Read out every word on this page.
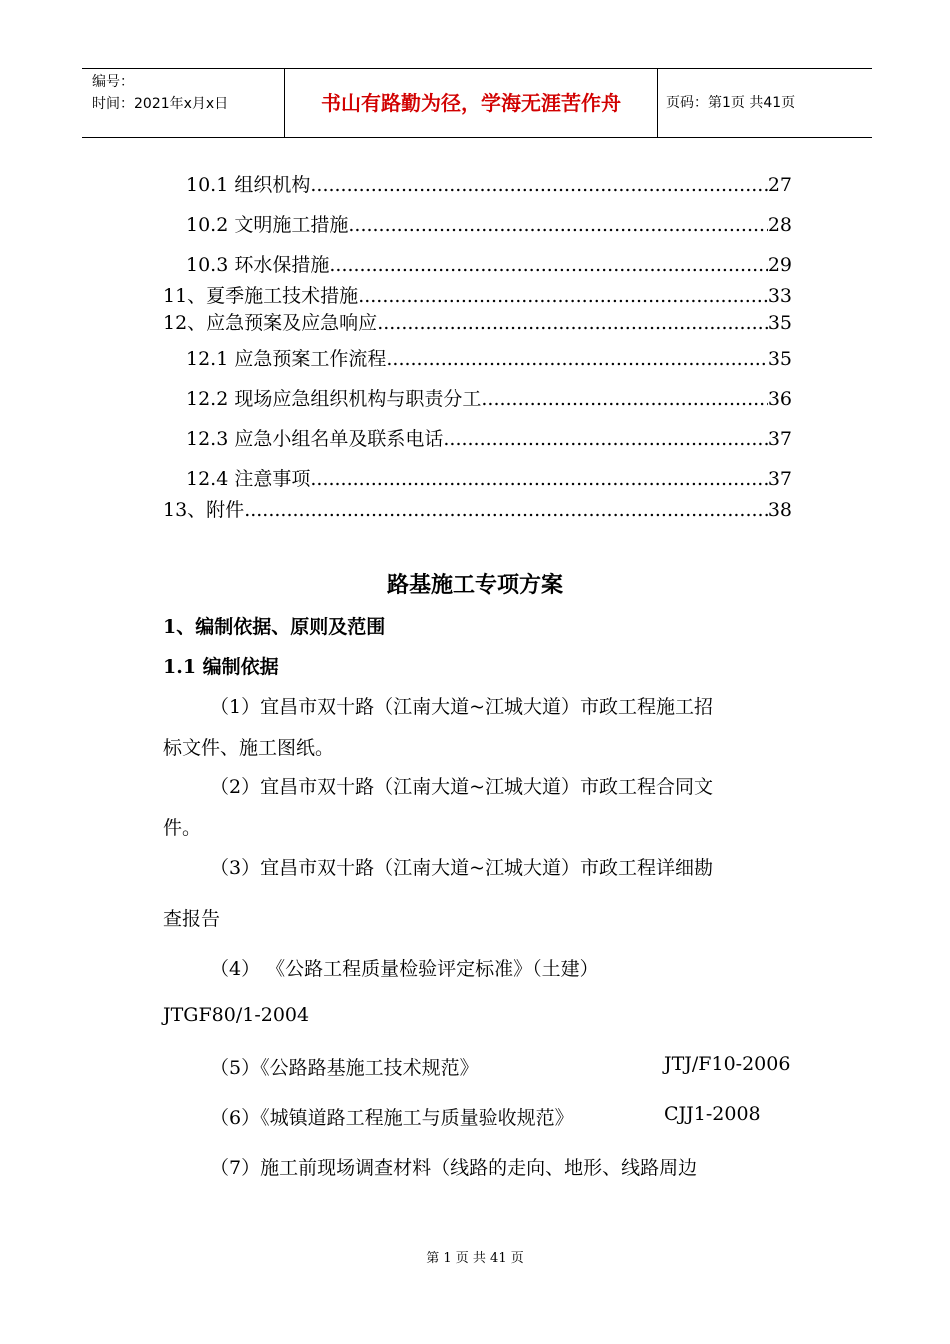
编号：
时间：2021年x月x日	书山有路勤为径，学海无涯苦作舟	页码：第1页 共41页
10.1 组织机构 .....	27
10.2 文明施工措施 .....	28
10.3 环水保措施 .....	29
11、夏季施工技术措施 .....	33
12、应急预案及应急响应 .....	35
12.1 应急预案工作流程 .....	35
12.2 现场应急组织机构与职责分工 .....	36
12.3 应急小组名单及联系电话 .....	37
12.4 注意事项 .....	37
13、附件 .....	38
路基施工专项方案
1、编制依据、原则及范围
1.1 编制依据
（1）宜昌市双十路（江南大道~江城大道）市政工程施工招
标文件、施工图纸。
（2）宜昌市双十路（江南大道~江城大道）市政工程合同文
件。
（3）宜昌市双十路（江南大道~江城大道）市政工程详细勘
查报告
（4） 《公路工程质量检验评定标准》（土建）
JTGF80/1-2004
（5）《公路路基施工技术规范》	JTJ/F10-2006
（6）《城镇道路工程施工与质量验收规范》	CJJ1-2008
（7）施工前现场调查材料（线路的走向、地形、线路周边
第 1 页 共 41 页
